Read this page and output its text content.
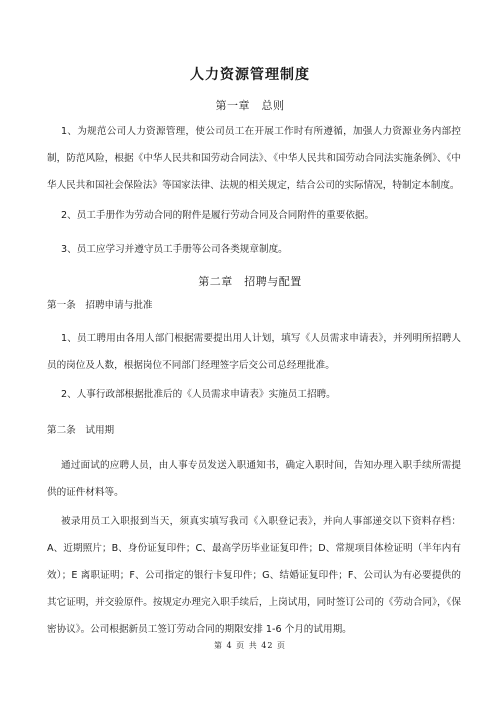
人力资源管理制度
第一章　总则

1、为规范公司人力资源管理，使公司员工在开展工作时有所遵循，加强人力资源业务内部控制，防范风险，根据《中华人民共和国劳动合同法》、《中华人民共和国劳动合同法实施条例》、《中华人民共和国社会保险法》等国家法律、法规的相关规定，结合公司的实际情况，特制定本制度。

2、员工手册作为劳动合同的附件是履行劳动合同及合同附件的重要依据。

3、员工应学习并遵守员工手册等公司各类规章制度。

第二章　招聘与配置
第一条　招聘申请与批准

1、员工聘用由各用人部门根据需要提出用人计划，填写《人员需求申请表》，并列明所招聘人员的岗位及人数，根据岗位不同部门经理签字后交公司总经理批准。

2、人事行政部根据批准后的《人员需求申请表》实施员工招聘。

第二条　试用期

通过面试的应聘人员，由人事专员发送入职通知书，确定入职时间，告知办理入职手续所需提供的证件材料等。

被录用员工入职报到当天，须真实填写我司《入职登记表》，并向人事部递交以下资料存档：A、近期照片；B、身份证复印件；C、最高学历毕业证复印件；D、常规项目体检证明（半年内有效）；E 离职证明；F、公司指定的银行卡复印件；G、结婚证复印件；F、公司认为有必要提供的其它证明，并交验原件。按规定办理完入职手续后，上岗试用，同时签订公司的《劳动合同》，《保密协议》。公司根据新员工签订劳动合同的期限安排 1-6 个月的试用期。

第 4 页 共 42 页
